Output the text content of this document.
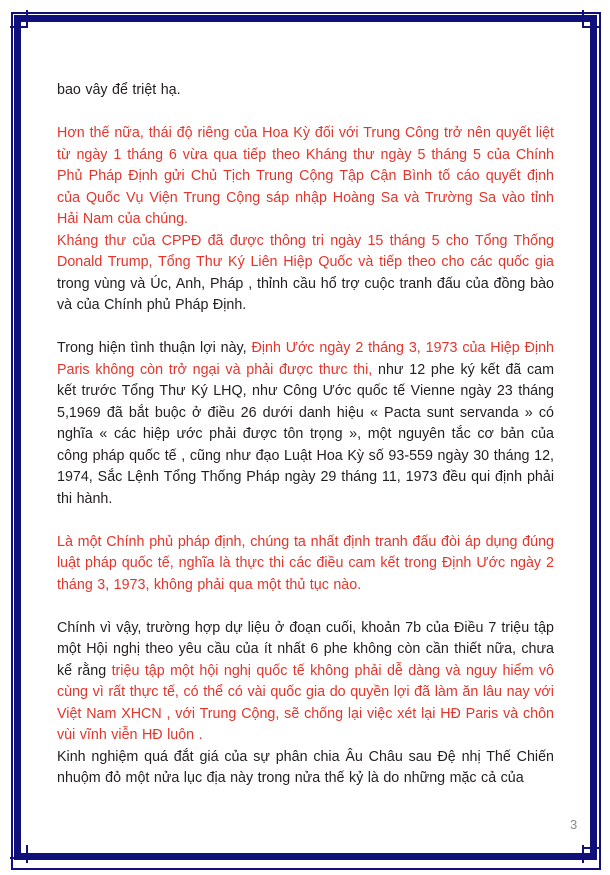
bao vây để triệt hạ.

Hơn thế nữa, thái độ riêng của Hoa Kỳ đối với Trung Công trở nên quyết liệt từ ngày 1 tháng 6 vừa qua tiếp theo Kháng thư ngày 5 tháng 5 của Chính Phủ Pháp Định gửi Chủ Tịch Trung Cộng Tập Cận Bình tố cáo quyết định của Quốc Vụ Viện Trung Cộng sáp nhập Hoàng Sa và Trường Sa vào tỉnh Hải Nam của chúng.

Kháng thư của CPPĐ đã được thông tri ngày 15 tháng 5 cho Tổng Thống Donald Trump, Tổng Thư Ký Liên Hiệp Quốc và tiếp theo cho các quốc gia trong vùng và Úc, Anh, Pháp , thỉnh cầu hổ trợ cuộc tranh đấu của đồng bào và của Chính phủ Pháp Định.

Trong hiện tình thuận lợi này, Định Ước ngày 2 tháng 3, 1973 của Hiệp Định Paris không còn trở ngại và phải được thưc thi, như 12 phe ký kết đã cam kết trước Tổng Thư Ký LHQ, như Công Ước quốc tế Vienne ngày 23 tháng 5,1969 đã bắt buộc ở điều 26 dưới danh hiệu « Pacta sunt servanda » có nghĩa « các hiệp ước phải được tôn trọng », một nguyên tắc cơ bản của công pháp quốc tế , cũng như đạo Luật Hoa Kỳ số 93-559 ngày 30 tháng 12, 1974, Sắc Lệnh Tổng Thống Pháp ngày 29 tháng 11, 1973 đều qui định phải thi hành.

Là một Chính phủ pháp định, chúng ta nhất định tranh đấu đòi áp dụng đúng luật pháp quốc tế, nghĩa là thực thi các điều cam kết trong Định Ước ngày 2 tháng 3, 1973, không phải qua một thủ tục nào.

Chính vì vậy, trường hợp dự liệu ở đoạn cuối, khoản 7b của Điều 7 triệu tập một Hội nghị theo yêu cầu của ít nhất 6 phe không còn cần thiết nữa, chưa kể rằng triệu tập một hội nghị quốc tế không phải dễ dàng và nguy hiểm vô cùng vì rất thực tế, có thể có vài quốc gia do quyền lợi đã làm ăn lâu nay với Việt Nam XHCN , với Trung Cộng, sẽ chống lại việc xét lại HĐ Paris và chôn vùi vĩnh viễn HĐ luôn .

Kinh nghiệm quá đắt giá của sự phân chia Âu Châu sau Đệ nhị Thế Chiến nhuộm đỏ một nửa lục địa này trong nửa thế kỷ là do những mặc cả của

3
